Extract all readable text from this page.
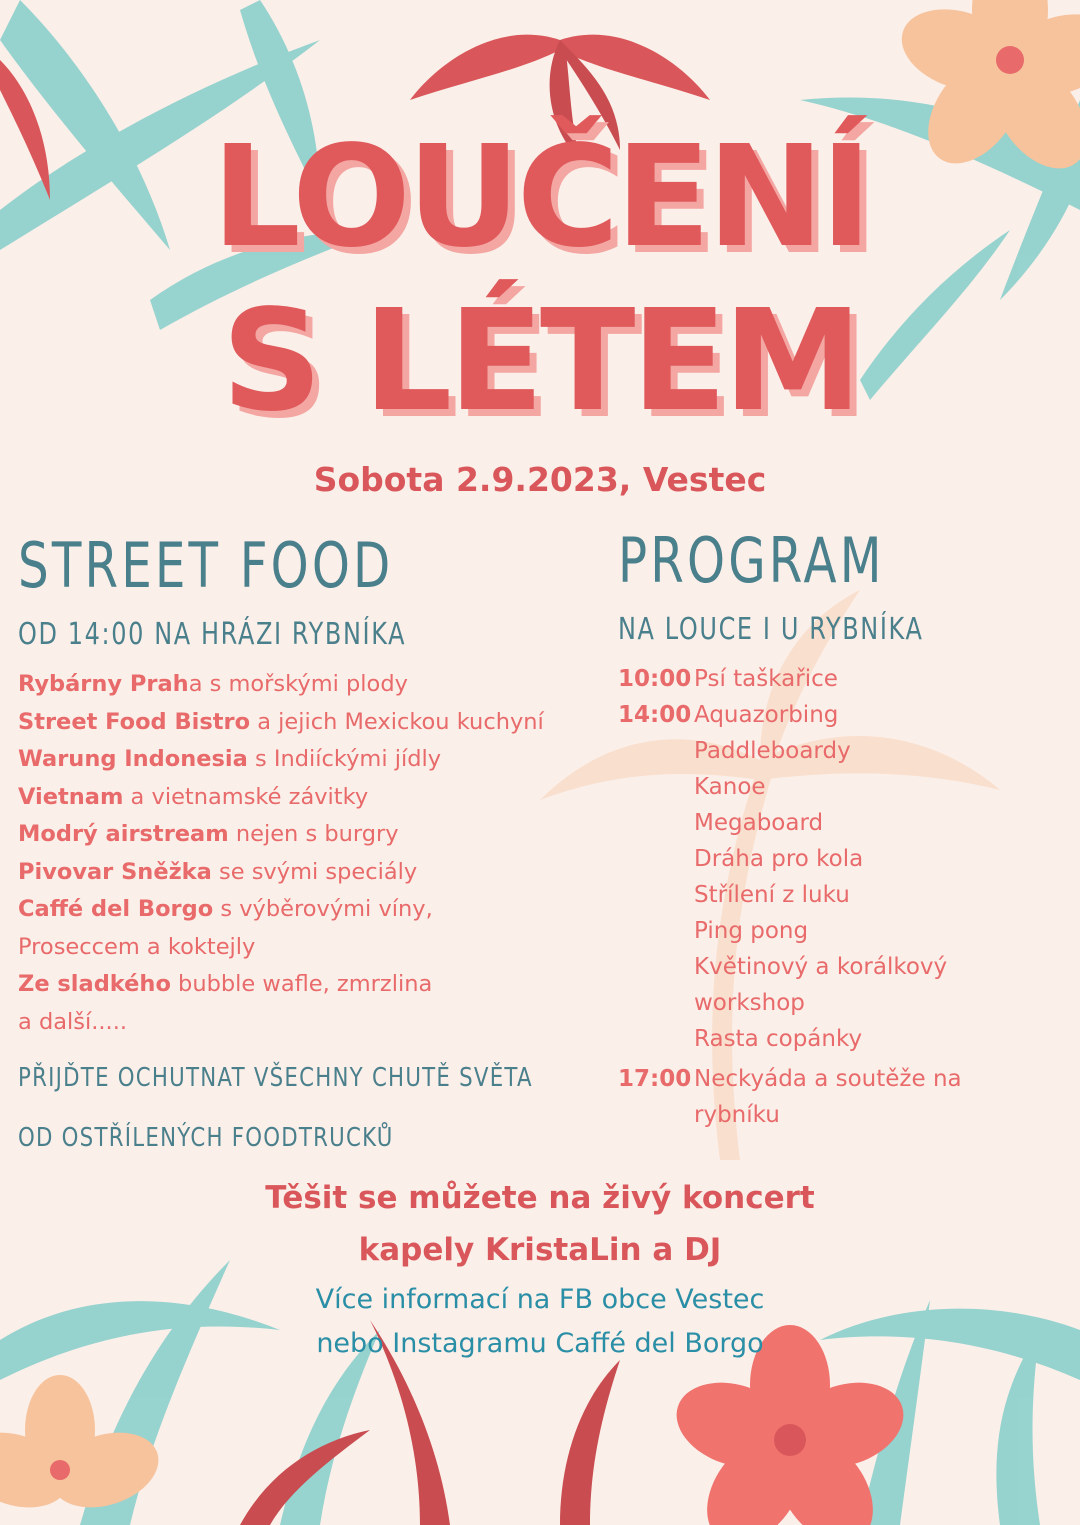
LOUČENÍ
S LÉTEM

Sobota 2.9.2023, Vestec

STREET FOOD
OD 14:00 NA HRÁZI RYBNÍKA
Rybárny Praha s mořskými plody
Street Food Bistro a jejich Mexickou kuchyní
Warung Indonesia s Indiíckými jídly
Vietnam a vietnamské závitky
Modrý airstream nejen s burgry
Pivovar Sněžka se svými speciály
Caffé del Borgo s výběrovými víny,
Proseccem a koktejly
Ze sladkého bubble wafle, zmrzlina
a další.....
PŘIJĎTE OCHUTNAT VŠECHNY CHUTĚ SVĚTA
OD OSTŘÍLENÝCH FOODTRUCKŮ
PROGRAM
NA LOUCE I U RYBNÍKA
10:00 Psí taškařice
14:00 Aquazorbing
Paddleboardy
Kanoe
Megaboard
Dráha pro kola
Střílení z luku
Ping pong
Květinový a korálkový
workshop
Rasta copánky
17:00 Neckyáda a soutěže na
rybníku
Těšit se můžete na živý koncert
kapely KristaLin a DJ
Více informací na FB obce Vestec
nebo Instagramu Caffé del Borgo
